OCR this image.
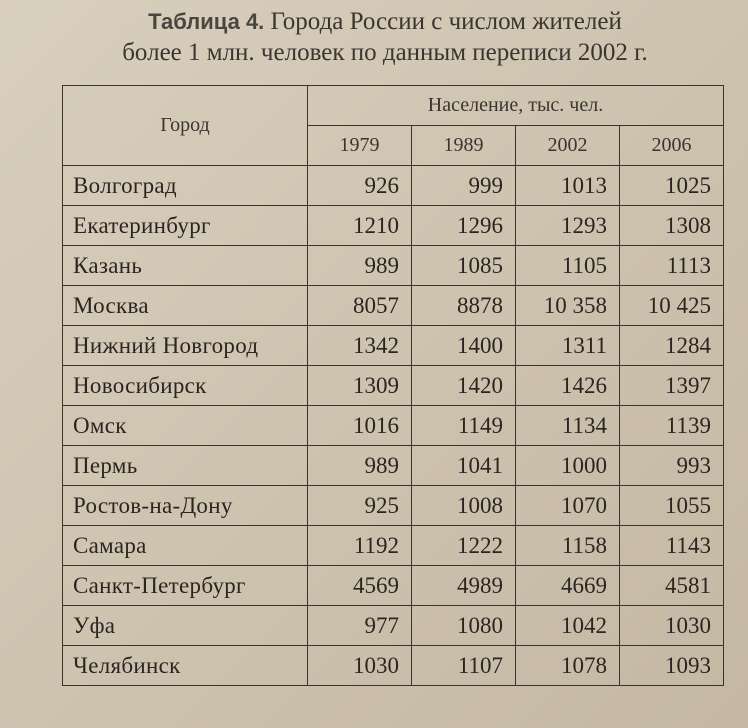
Таблица 4. Города России с числом жителей
более 1 млн. человек по данным переписи 2002 г.
Город	Население, тыс. чел.			
	1979	1989	2002	2006
Волгоград	926	999	1013	1025
Екатеринбург	1210	1296	1293	1308
Казань	989	1085	1105	1113
Москва	8057	8878	10 358	10 425
Нижний Новгород	1342	1400	1311	1284
Новосибирск	1309	1420	1426	1397
Омск	1016	1149	1134	1139
Пермь	989	1041	1000	993
Ростов-на-Дону	925	1008	1070	1055
Самара	1192	1222	1158	1143
Санкт-Петербург	4569	4989	4669	4581
Уфа	977	1080	1042	1030
Челябинск	1030	1107	1078	1093
